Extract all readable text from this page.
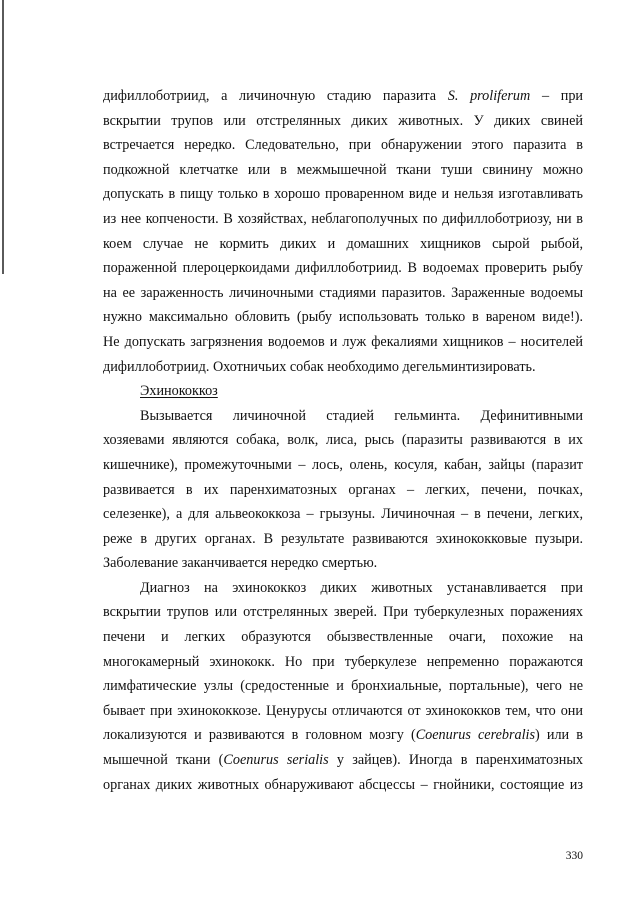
дифиллоботриид, а личиночную стадию паразита S. proliferum – при
вскрытии трупов или отстрелянных диких животных. У диких свиней
встречается нередко. Следовательно, при обнаружении этого паразита в
подкожной клетчатке или в межмышечной ткани туши свинину можно
допускать в пищу только в хорошо проваренном виде и нельзя изготавливать
из нее копчености. В хозяйствах, неблагополучных по дифиллоботриозу, ни в
коем случае не кормить диких и домашних хищников сырой рыбой,
пораженной плероцеркоидами дифиллоботриид. В водоемах проверить рыбу
на ее зараженность личиночными стадиями паразитов. Зараженные водоемы
нужно максимально обловить (рыбу использовать только в вареном виде!).
Не допускать загрязнения водоемов и луж фекалиями хищников – носителей
дифиллоботриид. Охотничьих собак необходимо дегельминтизировать.
Эхинококкоз
Вызывается личиночной стадией гельминта. Дефинитивными
хозяевами являются собака, волк, лиса, рысь (паразиты развиваются в их
кишечнике), промежуточными – лось, олень, косуля, кабан, зайцы (паразит
развивается в их паренхиматозных органах – легких, печени, почках,
селезенке), а для альвеококкоза – грызуны. Личиночная – в печени, легких,
реже в других органах. В результате развиваются эхинококковые пузыри.
Заболевание заканчивается нередко смертью.
Диагноз на эхинококкоз диких животных устанавливается при
вскрытии трупов или отстрелянных зверей. При туберкулезных поражениях
печени и легких образуются обызвествленные очаги, похожие на
многокамерный эхинококк. Но при туберкулезе непременно поражаются
лимфатические узлы (средостенные и бронхиальные, портальные), чего не
бывает при эхинококкозе. Ценурусы отличаются от эхинококков тем, что они
локализуются и развиваются в головном мозгу (Coenurus cerebralis) или в
мышечной ткани (Coenurus serialis у зайцев). Иногда в паренхиматозных
органах диких животных обнаруживают абсцессы – гнойники, состоящие из
330
